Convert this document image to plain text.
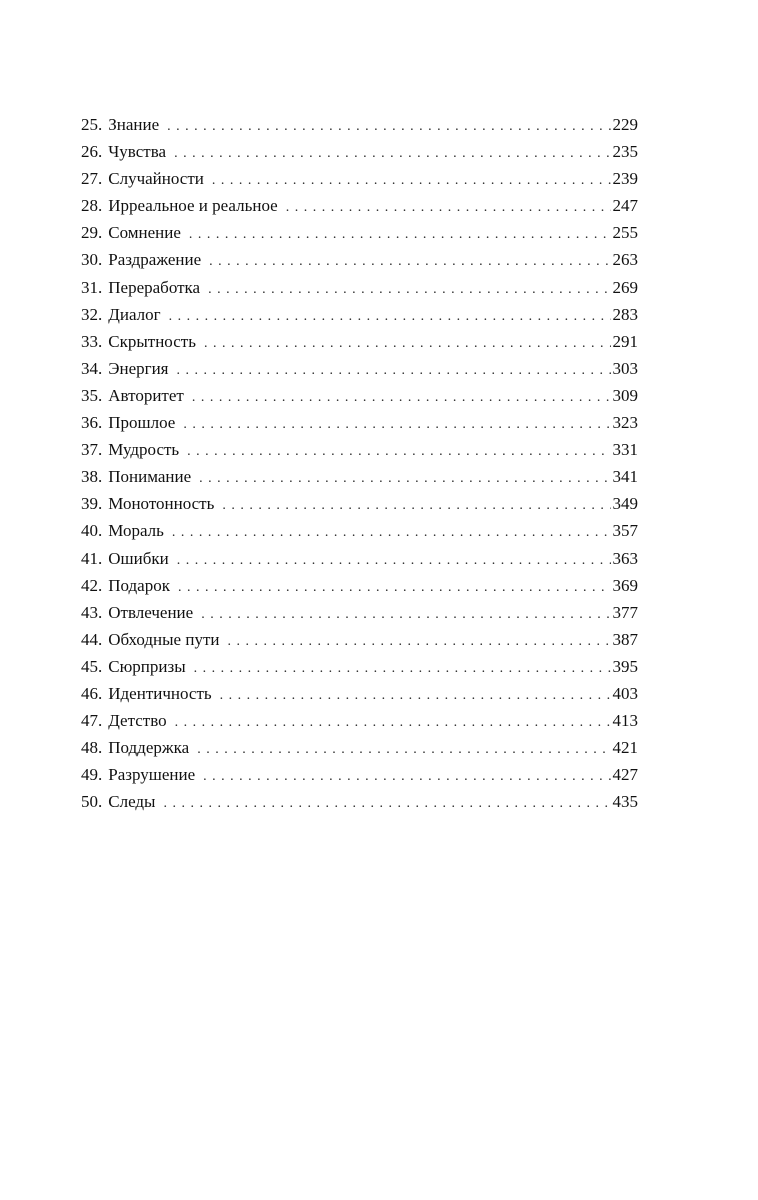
25. Знание . . .	229
26. Чувства . . .	235
27. Случайности . . .	239
28. Ирреальное и реальное . . .	247
29. Сомнение . . .	255
30. Раздражение . . .	263
31. Переработка . . .	269
32. Диалог . . .	283
33. Скрытность . . .	291
34. Энергия . . .	303
35. Авторитет . . .	309
36. Прошлое . . .	323
37. Мудрость . . .	331
38. Понимание . . .	341
39. Монотонность . . .	349
40. Мораль . . .	357
41. Ошибки . . .	363
42. Подарок . . .	369
43. Отвлечение . . .	377
44. Обходные пути . . .	387
45. Сюрпризы . . .	395
46. Идентичность . . .	403
47. Детство . . .	413
48. Поддержка . . .	421
49. Разрушение . . .	427
50. Следы . . .	435
